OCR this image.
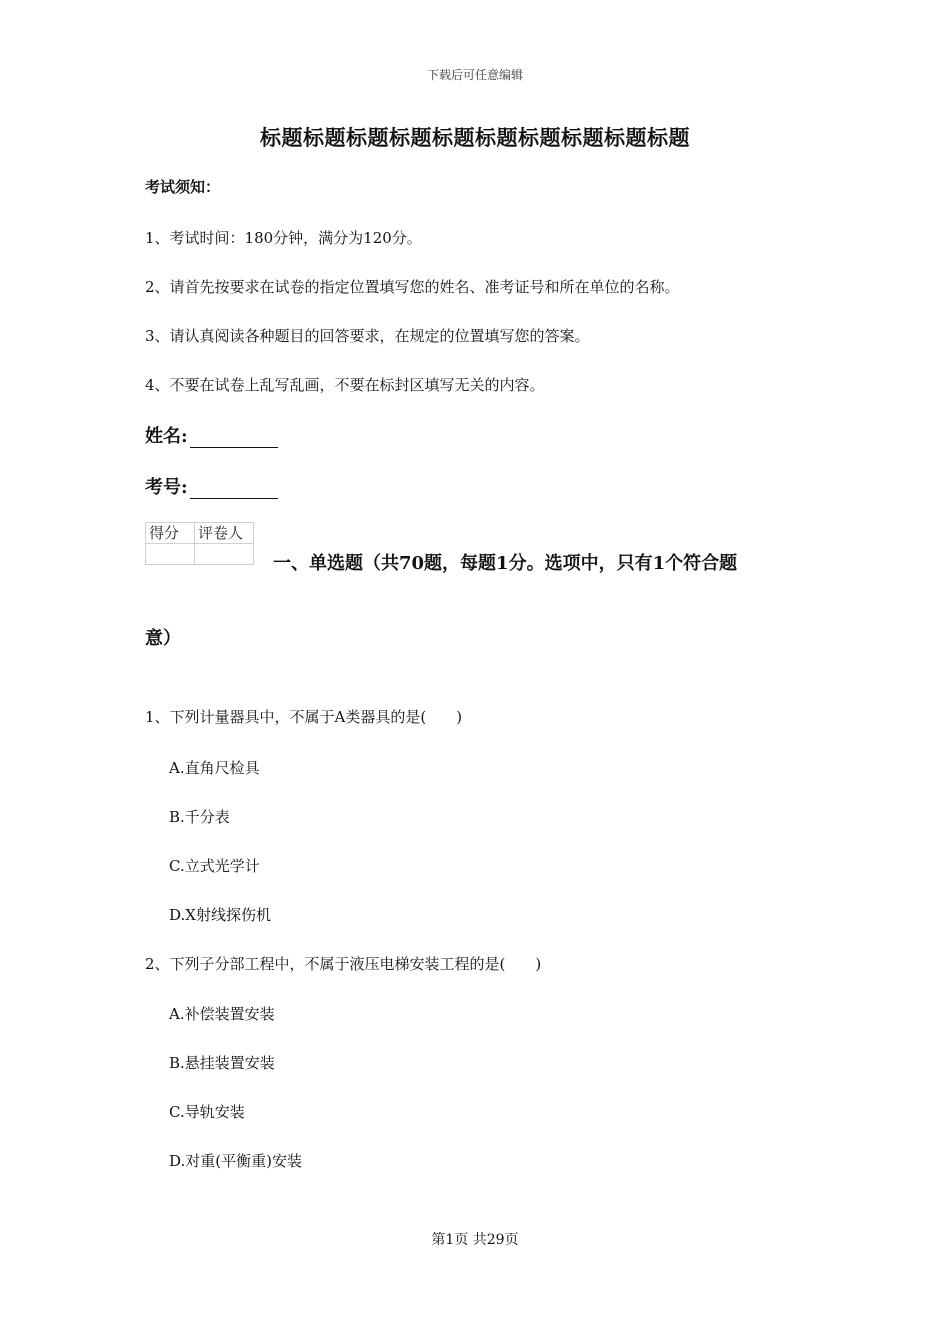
下载后可任意编辑
标题标题标题标题标题标题标题标题标题标题
考试须知：
1、考试时间：180分钟，满分为120分。
2、请首先按要求在试卷的指定位置填写您的姓名、准考证号和所在单位的名称。
3、请认真阅读各种题目的回答要求，在规定的位置填写您的答案。
4、不要在试卷上乱写乱画，不要在标封区填写无关的内容。
姓名:
考号:
得分	评卷人

一、单选题（共70题，每题1分。选项中，只有1个符合题
意）
1、下列计量器具中，不属于A类器具的是(　　)
A.直角尺检具
B.千分表
C.立式光学计
D.X射线探伤机
2、下列子分部工程中，不属于液压电梯安装工程的是(　　)
A.补偿装置安装
B.悬挂装置安装
C.导轨安装
D.对重(平衡重)安装
第1页 共29页
